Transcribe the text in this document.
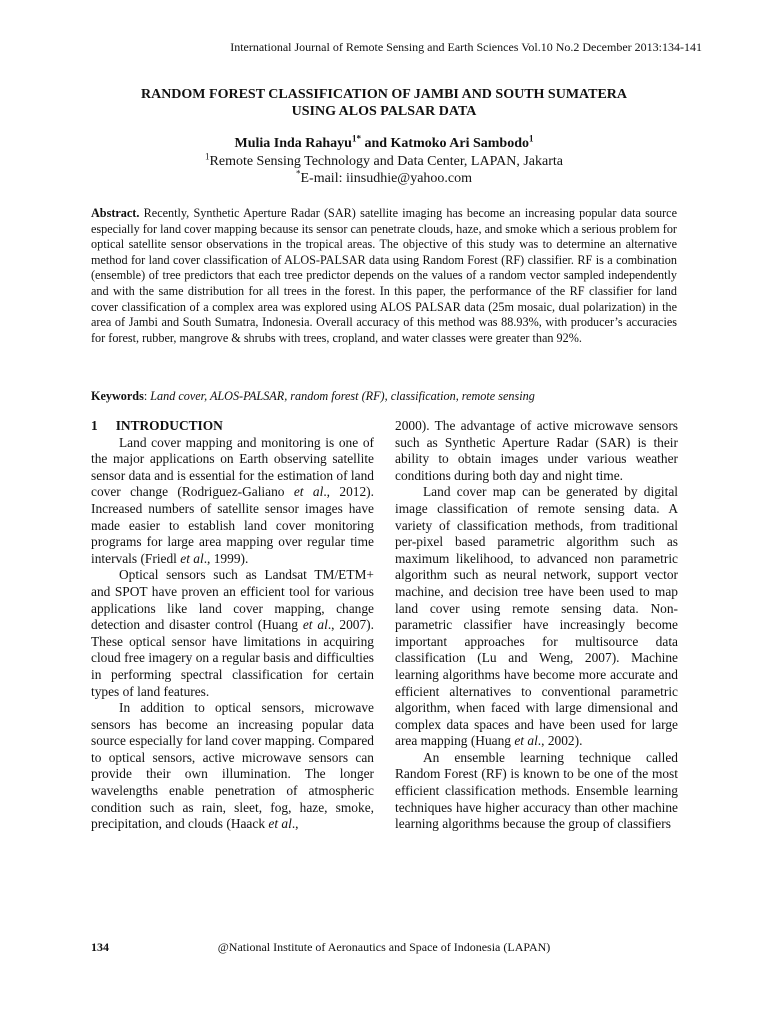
International Journal of Remote Sensing and Earth Sciences Vol.10 No.2 December 2013:134-141
RANDOM FOREST CLASSIFICATION OF JAMBI AND SOUTH SUMATERA
USING ALOS PALSAR DATA
Mulia Inda Rahayu$^{1*}$ and Katmoko Ari Sambodo$^1$
$^1$Remote Sensing Technology and Data Center, LAPAN, Jakarta
*E-mail: iinsudhie@yahoo.com
Abstract. Recently, Synthetic Aperture Radar (SAR) satellite imaging has become an increasing popular data source especially for land cover mapping because its sensor can penetrate clouds, haze, and smoke which a serious problem for optical satellite sensor observations in the tropical areas. The objective of this study was to determine an alternative method for land cover classification of ALOS-PALSAR data using Random Forest (RF) classifier. RF is a combination (ensemble) of tree predictors that each tree predictor depends on the values of a random vector sampled independently and with the same distribution for all trees in the forest. In this paper, the performance of the RF classifier for land cover classification of a complex area was explored using ALOS PALSAR data (25m mosaic, dual polarization) in the area of Jambi and South Sumatra, Indonesia. Overall accuracy of this method was 88.93%, with producer’s accuracies for forest, rubber, mangrove & shrubs with trees, cropland, and water classes were greater than 92%.
Keywords: Land cover, ALOS-PALSAR, random forest (RF), classification, remote sensing
1 INTRODUCTION

Land cover mapping and monitoring is one of the major applications on Earth observing satellite sensor data and is essential for the estimation of land cover change (Rodriguez-Galiano et al., 2012). Increased numbers of satellite sensor images have made easier to establish land cover monitoring programs for large area mapping over regular time intervals (Friedl et al., 1999).

Optical sensors such as Landsat TM/ETM+ and SPOT have proven an efficient tool for various applications like land cover mapping, change detection and disaster control (Huang et al., 2007). These optical sensor have limitations in acquiring cloud free imagery on a regular basis and difficulties in performing spectral classification for certain types of land features.

In addition to optical sensors, microwave sensors has become an increasing popular data source especially for land cover mapping. Compared to optical sensors, active microwave sensors can provide their own illumination. The longer wavelengths enable penetration of atmospheric condition such as rain, sleet, fog, haze, smoke, precipitation, and clouds (Haack et al.,

2000). The advantage of active microwave sensors such as Synthetic Aperture Radar (SAR) is their ability to obtain images under various weather conditions during both day and night time.

Land cover map can be generated by digital image classification of remote sensing data. A variety of classification methods, from traditional per-pixel based parametric algorithm such as maximum likelihood, to advanced non parametric algorithm such as neural network, support vector machine, and decision tree have been used to map land cover using remote sensing data. Non-parametric classifier have increasingly become important approaches for multisource data classification (Lu and Weng, 2007). Machine learning algorithms have become more accurate and efficient alternatives to conventional parametric algorithm, when faced with large dimensional and complex data spaces and have been used for large area mapping (Huang et al., 2002).

An ensemble learning technique called Random Forest (RF) is known to be one of the most efficient classification methods. Ensemble learning techniques have higher accuracy than other machine learning algorithms because the group of classifiers

134	@National Institute of Aeronautics and Space of Indonesia (LAPAN)
